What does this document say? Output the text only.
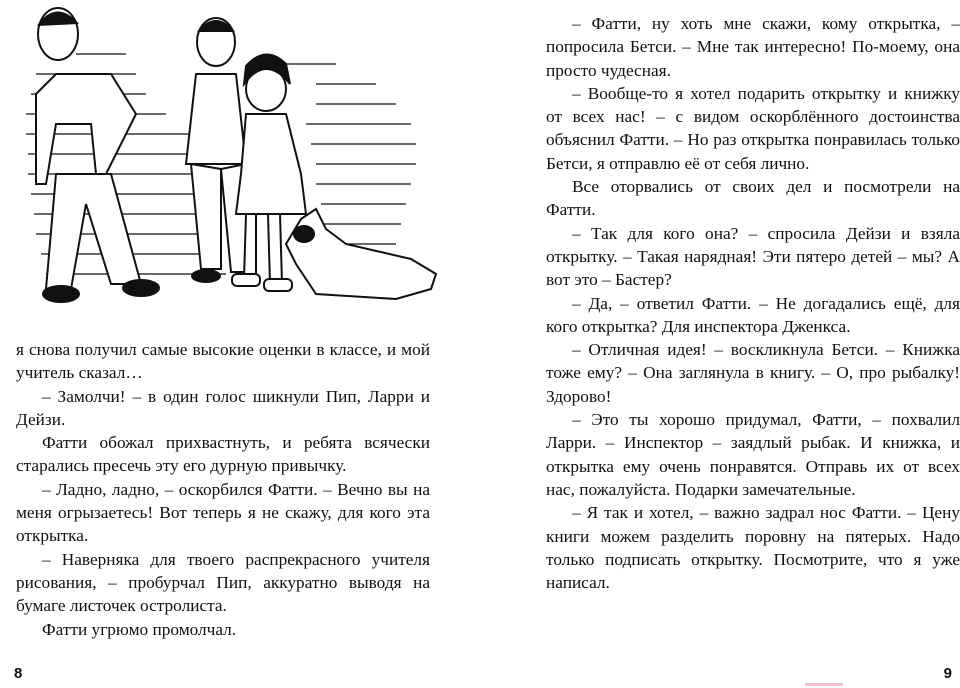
я снова получил самые высокие оценки в классе, и мой учитель сказал…

– Замолчи! – в один голос шикнули Пип, Ларри и Дейзи.

Фатти обожал прихвастнуть, и ребята всячески старались пресечь эту его дурную привычку.

– Ладно, ладно, – оскорбился Фатти. – Вечно вы на меня огрызаетесь! Вот теперь я не скажу, для кого эта открытка.

– Наверняка для твоего распрекрасного учителя рисования, – пробурчал Пип, аккуратно выводя на бумаге листочек остролиста.

Фатти угрюмо промолчал.

8

– Фатти, ну хоть мне скажи, кому открытка, – попросила Бетси. – Мне так интересно! По-моему, она просто чудесная.

– Вообще-то я хотел подарить открытку и книжку от всех нас! – с видом оскорблённого достоинства объяснил Фатти. – Но раз открытка понравилась только Бетси, я отправлю её от себя лично.

Все оторвались от своих дел и посмотрели на Фатти.

– Так для кого она? – спросила Дейзи и взяла открытку. – Такая нарядная! Эти пятеро детей – мы? А вот это – Бастер?

– Да, – ответил Фатти. – Не догадались ещё, для кого открытка? Для инспектора Дженкса.

– Отличная идея! – воскликнула Бетси. – Книжка тоже ему? – Она заглянула в книгу. – О, про рыбалку! Здорово!

– Это ты хорошо придумал, Фатти, – похвалил Ларри. – Инспектор – заядлый рыбак. И книжка, и открытка ему очень понравятся. Отправь их от всех нас, пожалуйста. Подарки замечательные.

– Я так и хотел, – важно задрал нос Фатти. – Цену книги можем разделить поровну на пятерых. Надо только подписать открытку. Посмотрите, что я уже написал.

9
